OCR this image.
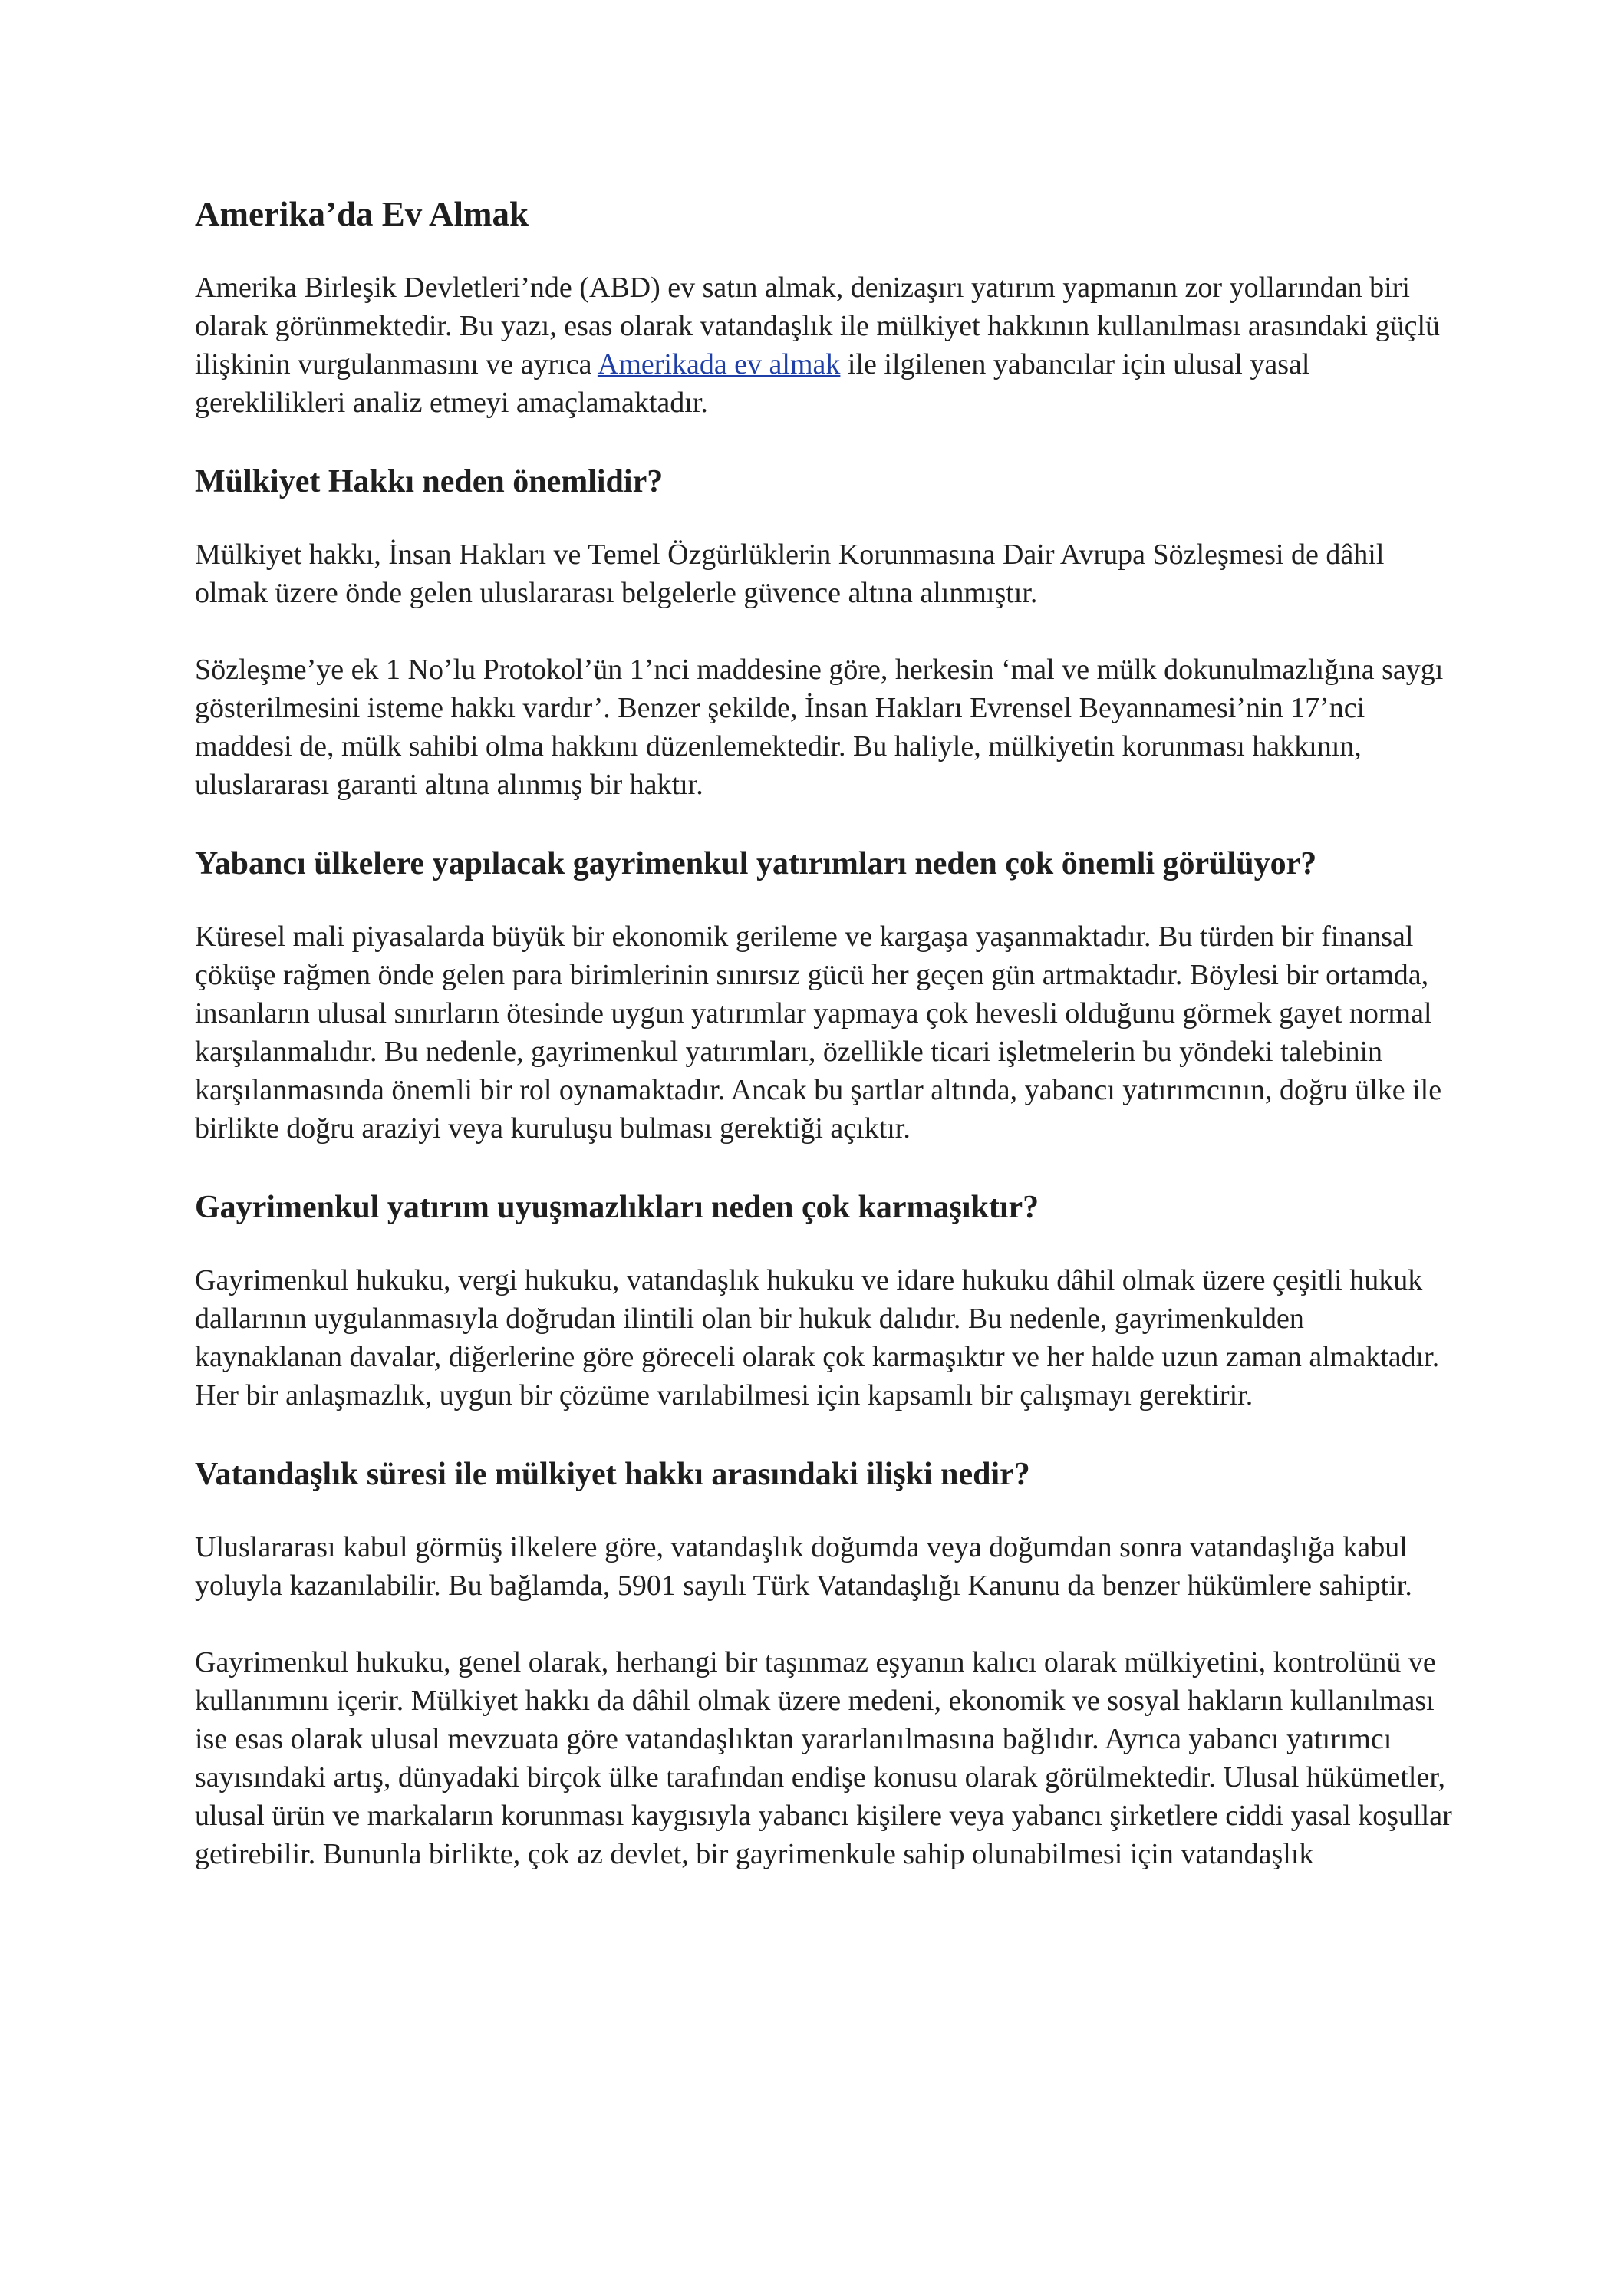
Amerika’da Ev Almak

Amerika Birleşik Devletleri’nde (ABD) ev satın almak, denizaşırı yatırım yapmanın zor yollarından biri olarak görünmektedir. Bu yazı, esas olarak vatandaşlık ile mülkiyet hakkının kullanılması arasındaki güçlü ilişkinin vurgulanmasını ve ayrıca Amerikada ev almak ile ilgilenen yabancılar için ulusal yasal gereklilikleri analiz etmeyi amaçlamaktadır.

Mülkiyet Hakkı neden önemlidir?

Mülkiyet hakkı, İnsan Hakları ve Temel Özgürlüklerin Korunmasına Dair Avrupa Sözleşmesi de dâhil olmak üzere önde gelen uluslararası belgelerle güvence altına alınmıştır.

Sözleşme’ye ek 1 No’lu Protokol’ün 1’nci maddesine göre, herkesin ‘mal ve mülk dokunulmazlığına saygı gösterilmesini isteme hakkı vardır’. Benzer şekilde, İnsan Hakları Evrensel Beyannamesi’nin 17’nci maddesi de, mülk sahibi olma hakkını düzenlemektedir. Bu haliyle, mülkiyetin korunması hakkının, uluslararası garanti altına alınmış bir haktır.

Yabancı ülkelere yapılacak gayrimenkul yatırımları neden çok önemli görülüyor?

Küresel mali piyasalarda büyük bir ekonomik gerileme ve kargaşa yaşanmaktadır. Bu türden bir finansal çöküşe rağmen önde gelen para birimlerinin sınırsız gücü her geçen gün artmaktadır. Böylesi bir ortamda, insanların ulusal sınırların ötesinde uygun yatırımlar yapmaya çok hevesli olduğunu görmek gayet normal karşılanmalıdır. Bu nedenle, gayrimenkul yatırımları, özellikle ticari işletmelerin bu yöndeki talebinin karşılanmasında önemli bir rol oynamaktadır. Ancak bu şartlar altında, yabancı yatırımcının, doğru ülke ile birlikte doğru araziyi veya kuruluşu bulması gerektiği açıktır.

Gayrimenkul yatırım uyuşmazlıkları neden çok karmaşıktır?

Gayrimenkul hukuku, vergi hukuku, vatandaşlık hukuku ve idare hukuku dâhil olmak üzere çeşitli hukuk dallarının uygulanmasıyla doğrudan ilintili olan bir hukuk dalıdır. Bu nedenle, gayrimenkulden kaynaklanan davalar, diğerlerine göre göreceli olarak çok karmaşıktır ve her halde uzun zaman almaktadır. Her bir anlaşmazlık, uygun bir çözüme varılabilmesi için kapsamlı bir çalışmayı gerektirir.

Vatandaşlık süresi ile mülkiyet hakkı arasındaki ilişki nedir?

Uluslararası kabul görmüş ilkelere göre, vatandaşlık doğumda veya doğumdan sonra vatandaşlığa kabul yoluyla kazanılabilir. Bu bağlamda, 5901 sayılı Türk Vatandaşlığı Kanunu da benzer hükümlere sahiptir.

Gayrimenkul hukuku, genel olarak, herhangi bir taşınmaz eşyanın kalıcı olarak mülkiyetini, kontrolünü ve kullanımını içerir. Mülkiyet hakkı da dâhil olmak üzere medeni, ekonomik ve sosyal hakların kullanılması ise esas olarak ulusal mevzuata göre vatandaşlıktan yararlanılmasına bağlıdır. Ayrıca yabancı yatırımcı sayısındaki artış, dünyadaki birçok ülke tarafından endişe konusu olarak görülmektedir. Ulusal hükümetler, ulusal ürün ve markaların korunması kaygısıyla yabancı kişilere veya yabancı şirketlere ciddi yasal koşullar getirebilir. Bununla birlikte, çok az devlet, bir gayrimenkule sahip olunabilmesi için vatandaşlık
